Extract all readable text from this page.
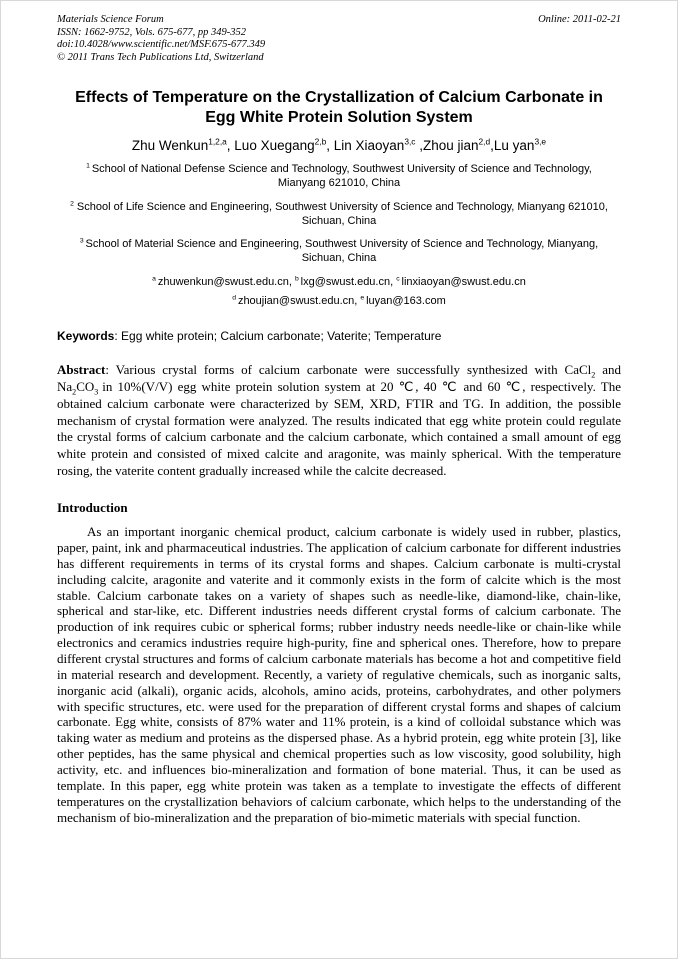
Materials Science Forum
ISSN: 1662-9752, Vols. 675-677, pp 349-352
doi:10.4028/www.scientific.net/MSF.675-677.349
© 2011 Trans Tech Publications Ltd, Switzerland
Online: 2011-02-21
Effects of Temperature on the Crystallization of Calcium Carbonate in Egg White Protein Solution System

Zhu Wenkun$^{1,2,a}$, Luo Xuegang$^{2,b}$, Lin Xiaoyan$^{3,c}$ ,Zhou jian$^{2,d}$,Lu yan$^{3,e}$

$^1$ School of National Defense Science and Technology, Southwest University of Science and Technology, Mianyang 621010, China

$^2$ School of Life Science and Engineering, Southwest University of Science and Technology, Mianyang 621010, Sichuan, China

$^3$ School of Material Science and Engineering, Southwest University of Science and Technology, Mianyang, Sichuan, China

$^a$ zhuwenkun@swust.edu.cn, $^b$ lxg@swust.edu.cn, $^c$ linxiaoyan@swust.edu.cn

$^d$ zhoujian@swust.edu.cn, $^e$ luyan@163.com

Keywords: Egg white protein; Calcium carbonate; Vaterite; Temperature

Abstract: Various crystal forms of calcium carbonate were successfully synthesized with CaCl$_2$ and $Na_2CO_3$ in 10%(V/V) egg white protein solution system at 20 ℃, 40 ℃ and 60 ℃, respectively. The obtained calcium carbonate were characterized by SEM, XRD, FTIR and TG. In addition, the possible mechanism of crystal formation were analyzed. The results indicated that egg white protein could regulate the crystal forms of calcium carbonate and the calcium carbonate, which contained a small amount of egg white protein and consisted of mixed calcite and aragonite, was mainly spherical. With the temperature rosing, the vaterite content gradually increased while the calcite decreased.

Introduction

As an important inorganic chemical product, calcium carbonate is widely used in rubber, plastics, paper, paint, ink and pharmaceutical industries. The application of calcium carbonate for different industries has different requirements in terms of its crystal forms and shapes. Calcium carbonate is multi-crystal including calcite, aragonite and vaterite and it commonly exists in the form of calcite which is the most stable. Calcium carbonate takes on a variety of shapes such as needle-like, diamond-like, chain-like, spherical and star-like, etc. Different industries needs different crystal forms of calcium carbonate. The production of ink requires cubic or spherical forms; rubber industry needs needle-like or chain-like while electronics and ceramics industries require high-purity, fine and spherical ones. Therefore, how to prepare different crystal structures and forms of calcium carbonate materials has become a hot and competitive field in material research and development. Recently, a variety of regulative chemicals, such as inorganic salts, inorganic acid (alkali), organic acids, alcohols, amino acids, proteins, carbohydrates, and other polymers with specific structures, etc. were used for the preparation of different crystal forms and shapes of calcium carbonate. Egg white, consists of 87% water and 11% protein, is a kind of colloidal substance which was taking water as medium and proteins as the dispersed phase. As a hybrid protein, egg white protein [3], like other peptides, has the same physical and chemical properties such as low viscosity, good solubility, high activity, etc. and influences bio-mineralization and formation of bone material. Thus, it can be used as template. In this paper, egg white protein was taken as a template to investigate the effects of different temperatures on the crystallization behaviors of calcium carbonate, which helps to the understanding of the mechanism of bio-mineralization and the preparation of bio-mimetic materials with special function.
